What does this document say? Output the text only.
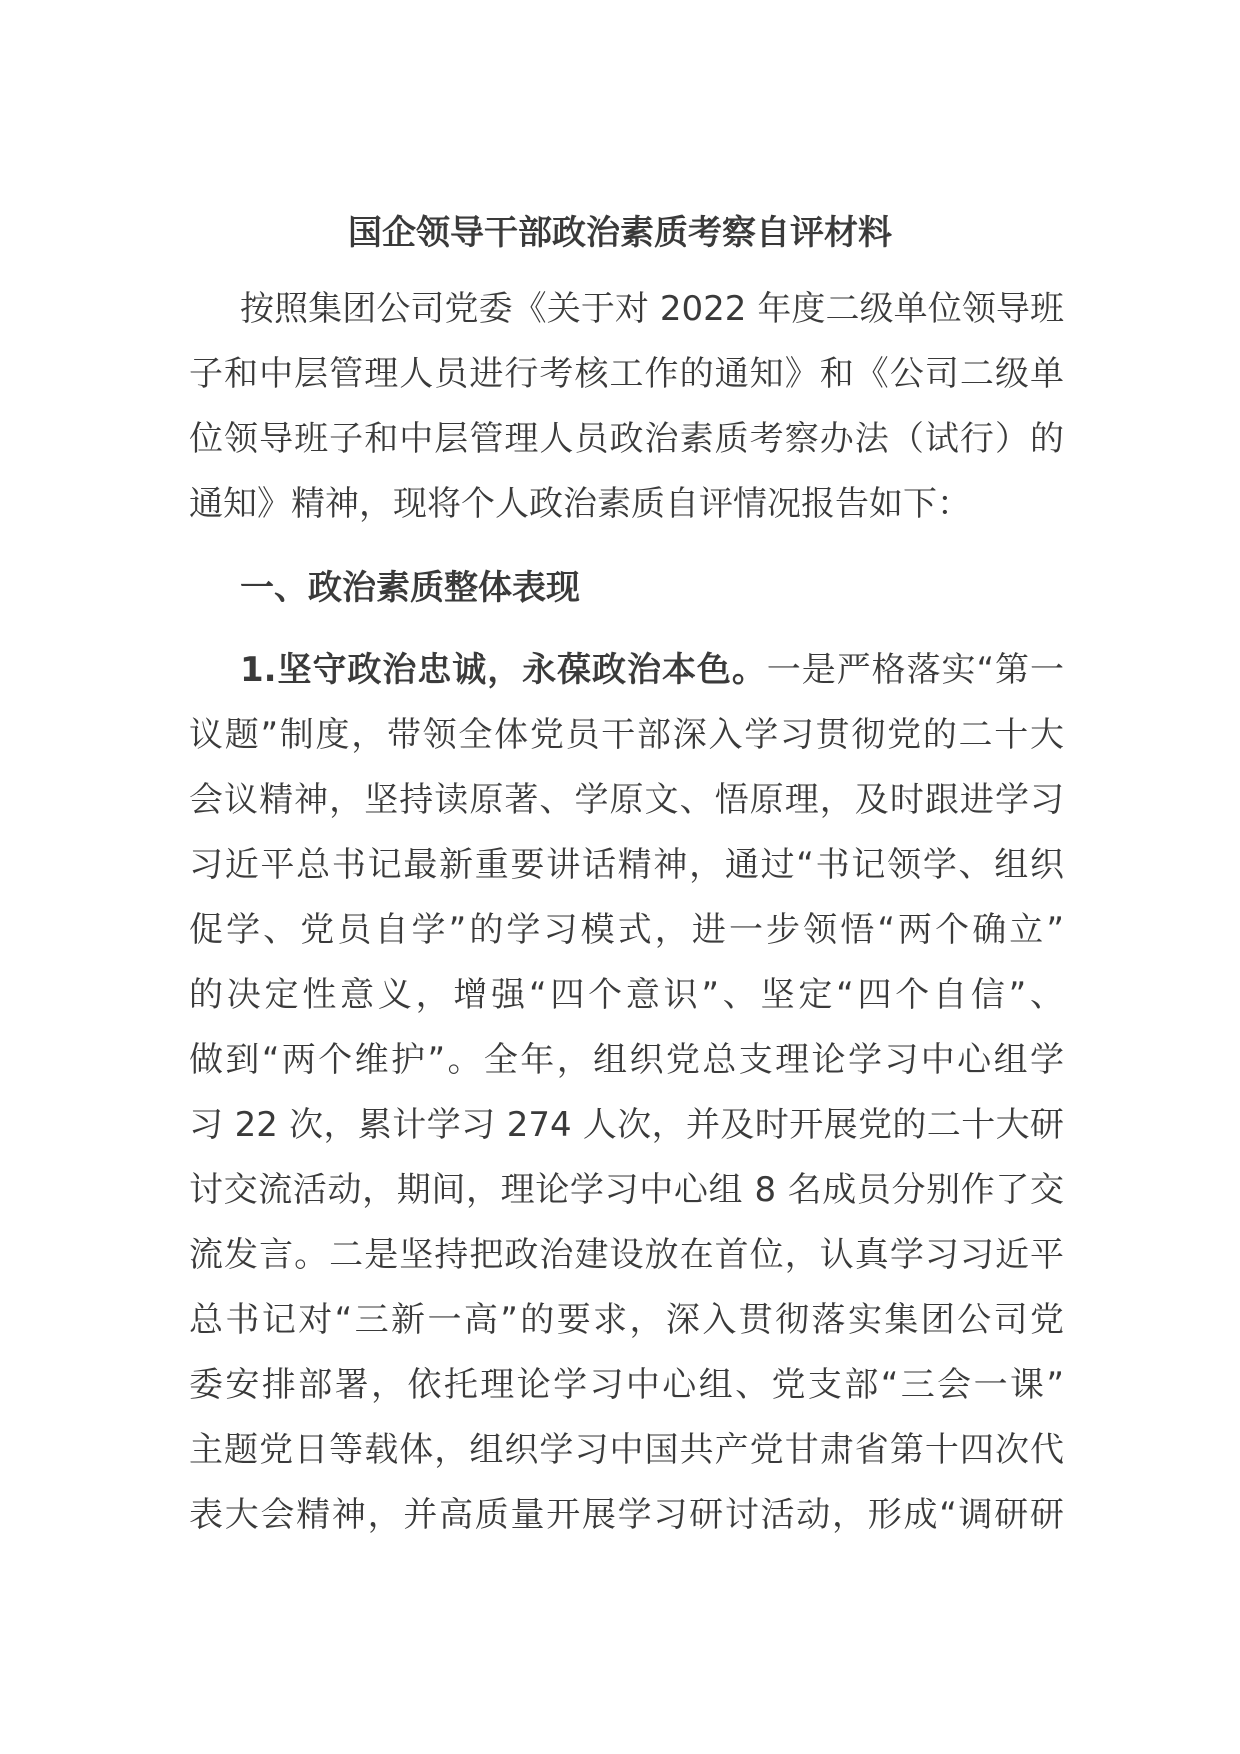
国企领导干部政治素质考察自评材料
按照集团公司党委《关于对 2022 年度二级单位领导班
子和中层管理人员进行考核工作的通知》和《公司二级单
位领导班子和中层管理人员政治素质考察办法（试行）的
通知》精神，现将个人政治素质自评情况报告如下：
一、政治素质整体表现
1.坚守政治忠诚，永葆政治本色。一是严格落实“第一
议题”制度，带领全体党员干部深入学习贯彻党的二十大
会议精神，坚持读原著、学原文、悟原理，及时跟进学习
习近平总书记最新重要讲话精神，通过“书记领学、组织
促学、党员自学”的学习模式，进一步领悟“两个确立”
的决定性意义，增强“四个意识”、坚定“四个自信”、
做到“两个维护”。全年，组织党总支理论学习中心组学
习 22 次，累计学习 274 人次，并及时开展党的二十大研
讨交流活动，期间，理论学习中心组 8 名成员分别作了交
流发言。二是坚持把政治建设放在首位，认真学习习近平
总书记对“三新一高”的要求，深入贯彻落实集团公司党
委安排部署，依托理论学习中心组、党支部“三会一课”
主题党日等载体，组织学习中国共产党甘肃省第十四次代
表大会精神，并高质量开展学习研讨活动，形成“调研研
